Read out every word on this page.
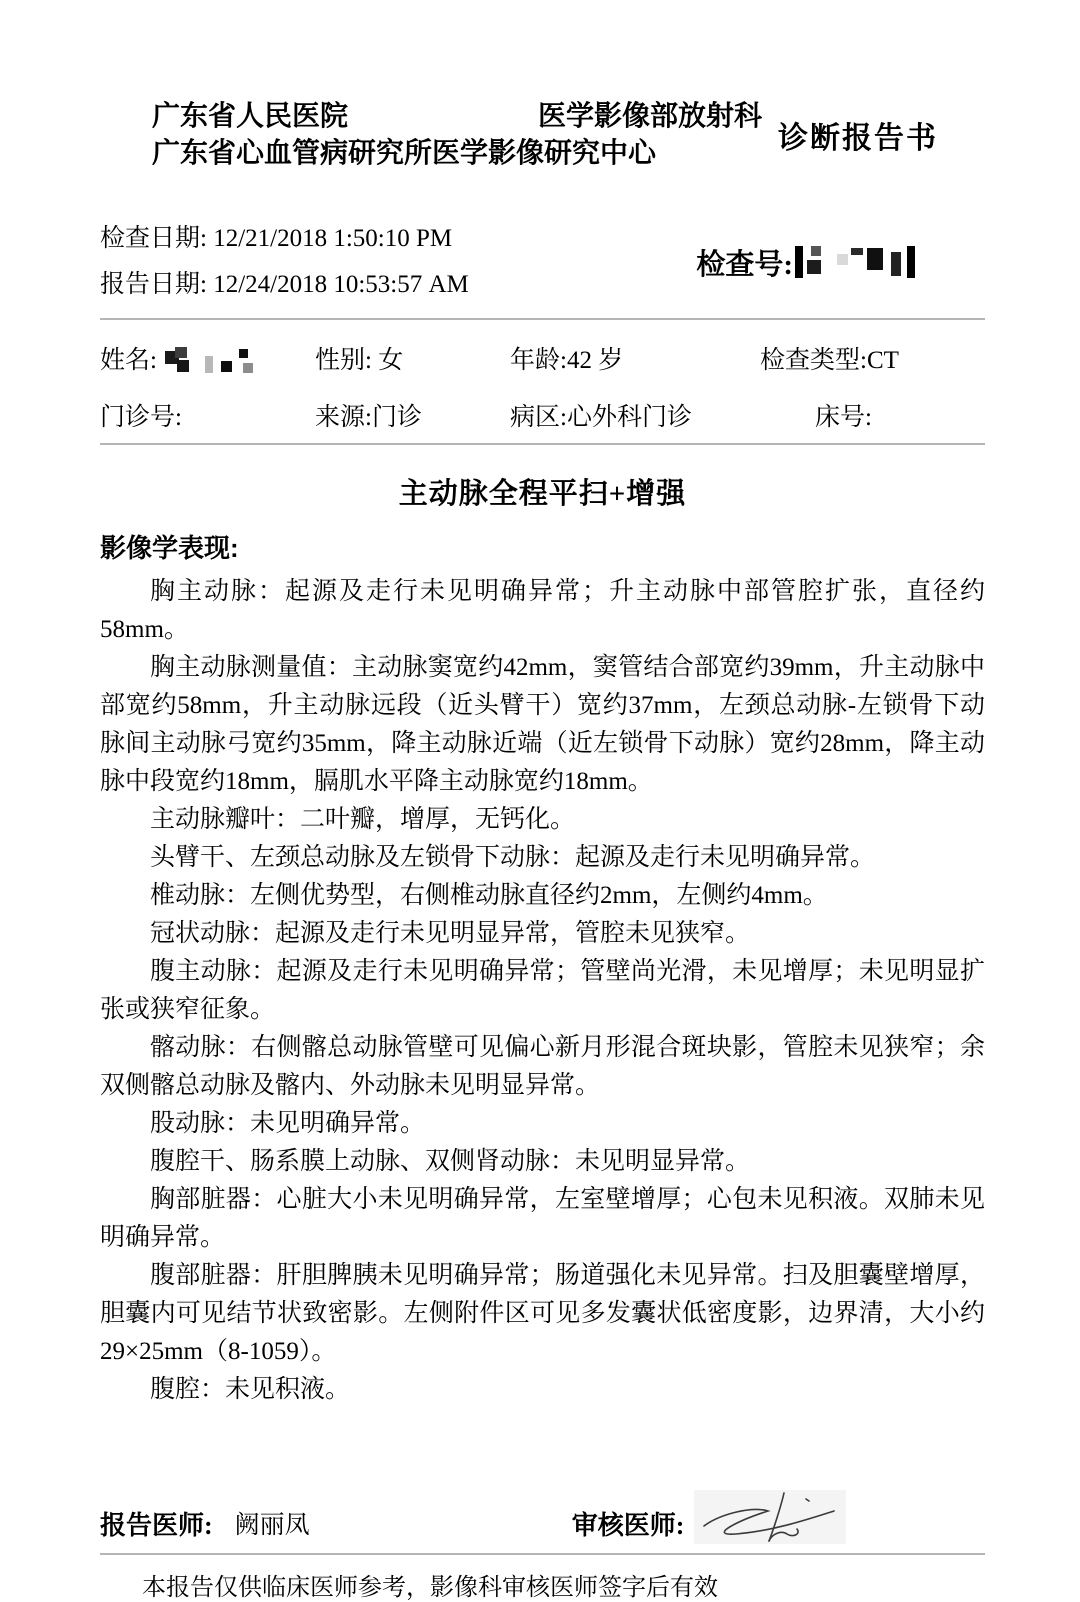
广东省人民医院	医学影像部放射科
广东省心血管病研究所医学影像研究中心	诊断报告书
检查日期: 12/21/2018 1:50:10 PM
报告日期: 12/24/2018 10:53:57 AM
检查号:
姓名:	性别: 女	年龄:42 岁	检查类型:CT
门诊号:	来源:门诊	病区:心外科门诊	床号:
主动脉全程平扫+增强
影像学表现:

胸主动脉：起源及走行未见明确异常；升主动脉中部管腔扩张，直径约58mm。

胸主动脉测量值：主动脉窦宽约42mm，窦管结合部宽约39mm，升主动脉中部宽约58mm，升主动脉远段（近头臂干）宽约37mm，左颈总动脉-左锁骨下动脉间主动脉弓宽约35mm，降主动脉近端（近左锁骨下动脉）宽约28mm，降主动脉中段宽约18mm，膈肌水平降主动脉宽约18mm。

主动脉瓣叶：二叶瓣，增厚，无钙化。

头臂干、左颈总动脉及左锁骨下动脉：起源及走行未见明确异常。

椎动脉：左侧优势型，右侧椎动脉直径约2mm，左侧约4mm。

冠状动脉：起源及走行未见明显异常，管腔未见狭窄。

腹主动脉：起源及走行未见明确异常；管壁尚光滑，未见增厚；未见明显扩张或狭窄征象。

髂动脉：右侧髂总动脉管壁可见偏心新月形混合斑块影，管腔未见狭窄；余双侧髂总动脉及髂内、外动脉未见明显异常。

股动脉：未见明确异常。

腹腔干、肠系膜上动脉、双侧肾动脉：未见明显异常。

胸部脏器：心脏大小未见明确异常，左室壁增厚；心包未见积液。双肺未见明确异常。

腹部脏器：肝胆脾胰未见明确异常；肠道强化未见异常。扫及胆囊壁增厚，胆囊内可见结节状致密影。左侧附件区可见多发囊状低密度影，边界清，大小约29×25mm（8-1059）。

腹腔：未见积液。

报告医师: 阙丽凤	审核医师:
本报告仅供临床医师参考，影像科审核医师签字后有效
